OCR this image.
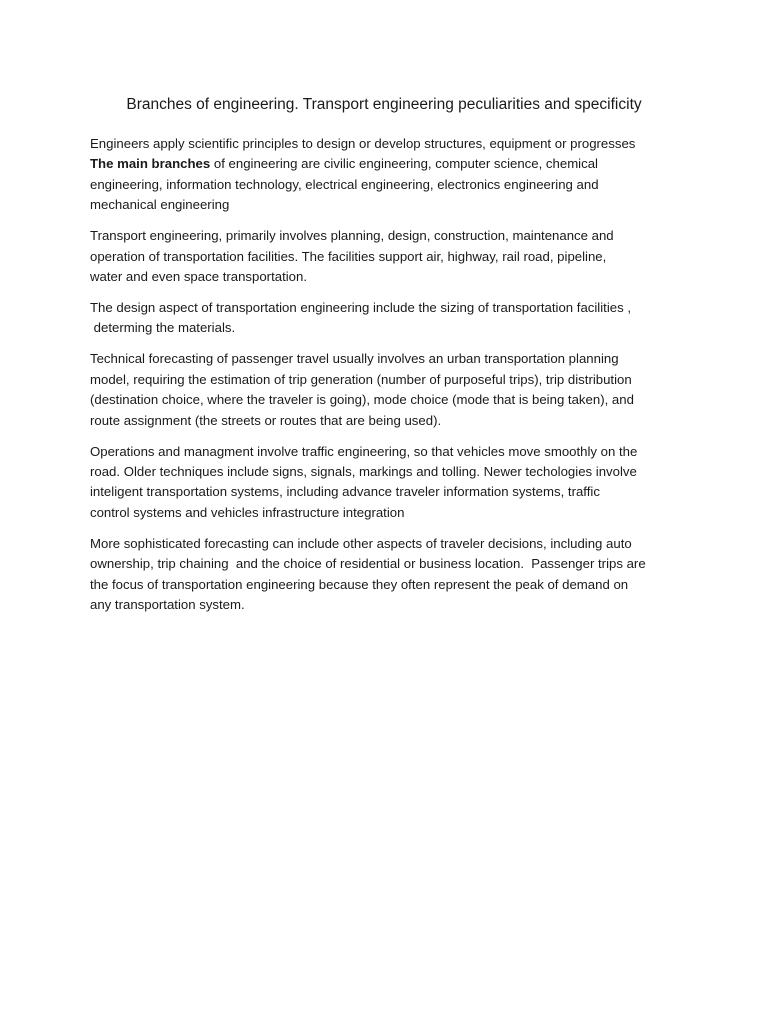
Branches of engineering. Transport engineering peculiarities and specificity

Engineers apply scientific principles to design or develop structures, equipment or progresses
The main branches of engineering are civilic engineering, computer science, chemical
engineering, information technology, electrical engineering, electronics engineering and
mechanical engineering

Transport engineering, primarily involves planning, design, construction, maintenance and
operation of transportation facilities. The facilities support air, highway, rail road, pipeline,
water and even space transportation.

The design aspect of transportation engineering include the sizing of transportation facilities ,
determing the materials.

Technical forecasting of passenger travel usually involves an urban transportation planning
model, requiring the estimation of trip generation (number of purposeful trips), trip distribution
(destination choice, where the traveler is going), mode choice (mode that is being taken), and
route assignment (the streets or routes that are being used).

Operations and managment involve traffic engineering, so that vehicles move smoothly on the
road. Older techniques include signs, signals, markings and tolling. Newer techologies involve
inteligent transportation systems, including advance traveler information systems, traffic
control systems and vehicles infrastructure integration

More sophisticated forecasting can include other aspects of traveler decisions, including auto
ownership, trip chaining  and the choice of residential or business location.  Passenger trips are
the focus of transportation engineering because they often represent the peak of demand on
any transportation system.
